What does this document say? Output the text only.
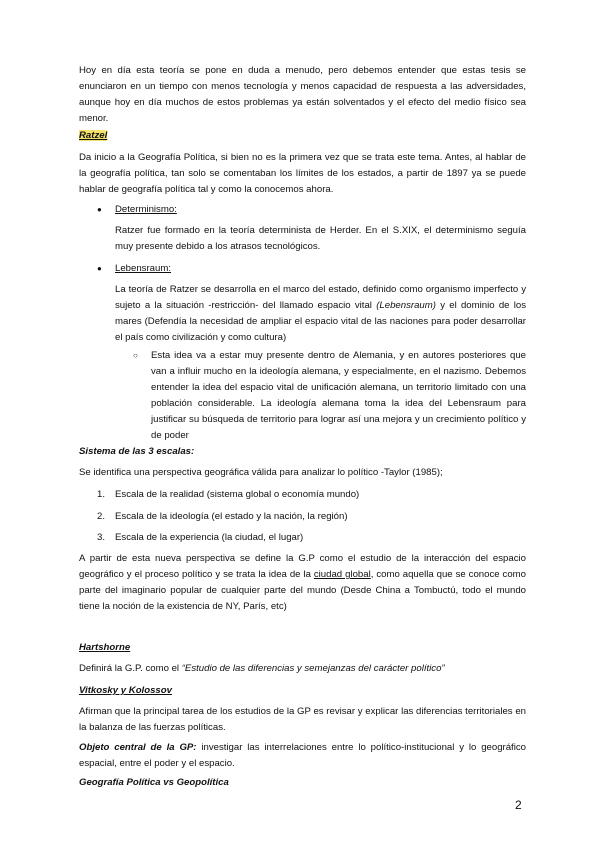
Hoy en día esta teoría se pone en duda a menudo, pero debemos entender que estas tesis se enunciaron en un tiempo con menos tecnología y menos capacidad de respuesta a las adversidades, aunque hoy en día muchos de estos problemas ya están solventados y el efecto del medio físico sea menor.
Ratzel
Da inicio a la Geografía Política, si bien no es la primera vez que se trata este tema. Antes, al hablar de la geografía política, tan solo se comentaban los límites de los estados, a partir de 1897 ya se puede hablar de geografía política tal y como la conocemos ahora.
● Determinismo:
Ratzer fue formado en la teoría determinista de Herder. En el S.XIX, el determinismo seguía muy presente debido a los atrasos tecnológicos.
● Lebensraum:
La teoría de Ratzer se desarrolla en el marco del estado, definido como organismo imperfecto y sujeto a la situación -restricción- del llamado espacio vital (Lebensraum) y el dominio de los mares (Defendía la necesidad de ampliar el espacio vital de las naciones para poder desarrollar el país como civilización y como cultura)
○ Esta idea va a estar muy presente dentro de Alemania, y en autores posteriores que van a influir mucho en la ideología alemana, y especialmente, en el nazismo. Debemos entender la idea del espacio vital de unificación alemana, un territorio limitado con una población considerable. La ideología alemana toma la idea del Lebensraum para justificar su búsqueda de territorio para lograr así una mejora y un crecimiento político y de poder
Sistema de las 3 escalas:
Se identifica una perspectiva geográfica válida para analizar lo político -Taylor (1985);
1. Escala de la realidad (sistema global o economía mundo)
2. Escala de la ideología (el estado y la nación, la región)
3. Escala de la experiencia (la ciudad, el lugar)
A partir de esta nueva perspectiva se define la G.P como el estudio de la interacción del espacio geográfico y el proceso político y se trata la idea de la ciudad global, como aquella que se conoce como parte del imaginario popular de cualquier parte del mundo (Desde China a Tombuctú, todo el mundo tiene la noción de la existencia de NY, París, etc)
Hartshorne
Definirá la G.P. como el “Estudio de las diferencias y semejanzas del carácter político”
Vitkosky y Kolossov
Afirman que la principal tarea de los estudios de la GP es revisar y explicar las diferencias territoriales en la balanza de las fuerzas políticas.
Objeto central de la GP: investigar las interrelaciones entre lo político-institucional y lo geográfico espacial, entre el poder y el espacio.
Geografía Política vs Geopolítica
2
